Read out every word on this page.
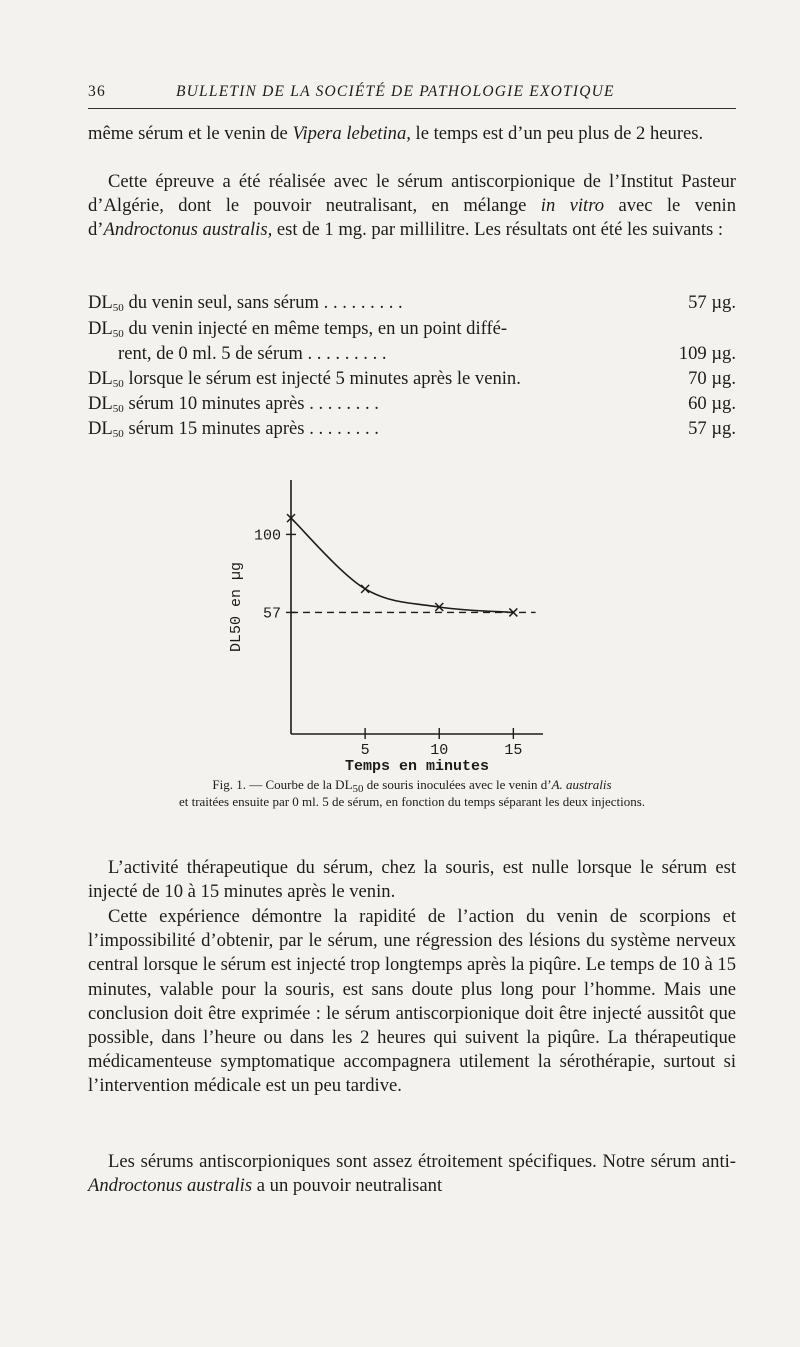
36	BULLETIN DE LA SOCIÉTÉ DE PATHOLOGIE EXOTIQUE

même sérum et le venin de Vipera lebetina, le temps est d’un peu plus de 2 heures.

Cette épreuve a été réalisée avec le sérum antiscorpionique de l’Institut Pasteur d’Algérie, dont le pouvoir neutralisant, en mélange in vitro avec le venin d’Androctonus australis, est de 1 mg. par millilitre. Les résultats ont été les suivants :

$DL_{50}$ du venin seul, sans sérum . . . . . . . . .	57 µg.
$DL_{50}$ du venin injecté en même temps, en un point diffé-
rent, de 0 ml. 5 de sérum . . . . . . . . .	109 µg.
$DL_{50}$ lorsque le sérum est injecté 5 minutes après le venin.	70 µg.
$DL_{50}$ sérum 10 minutes après . . . . . . . .	60 µg.
$DL_{50}$ sérum 15 minutes après . . . . . . . .	57 µg.
5	10	15
100
57
Temps en minutes
DL50 en µg
Fig. 1. — Courbe de la $DL_{50}$ de souris inoculées avec le venin d’A. australis
et traitées ensuite par 0 ml. 5 de sérum, en fonction du temps séparant les deux injections.

L’activité thérapeutique du sérum, chez la souris, est nulle lorsque le sérum est injecté de 10 à 15 minutes après le venin.

Cette expérience démontre la rapidité de l’action du venin de scorpions et l’impossibilité d’obtenir, par le sérum, une régression des lésions du système nerveux central lorsque le sérum est injecté trop longtemps après la piqûre. Le temps de 10 à 15 minutes, valable pour la souris, est sans doute plus long pour l’homme. Mais une conclusion doit être exprimée : le sérum antiscorpionique doit être injecté aussitôt que possible, dans l’heure ou dans les 2 heures qui suivent la piqûre. La thérapeutique médicamenteuse symptomatique accompagnera utilement la sérothérapie, surtout si l’intervention médicale est un peu tardive.

Les sérums antiscorpioniques sont assez étroitement spécifiques. Notre sérum anti-Androctonus australis a un pouvoir neutralisant
